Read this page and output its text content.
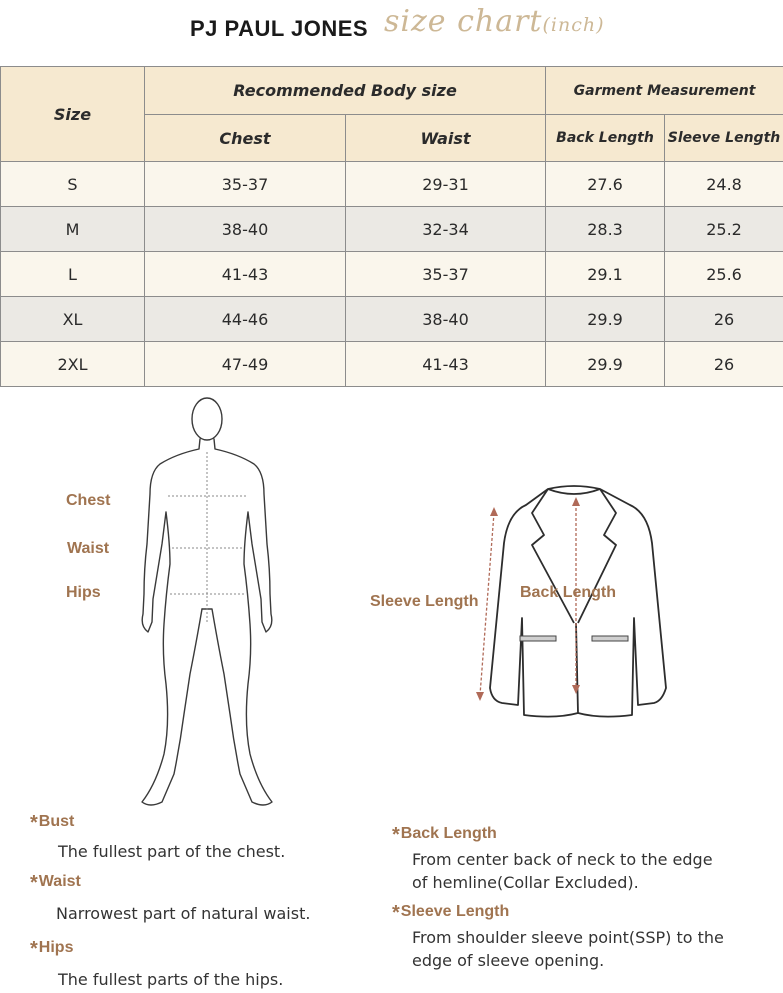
PJ PAUL JONES size chart(inch)
Size	Recommended Body size		Garment Measurement	
	Chest	Waist	Back Length	Sleeve Length
S	35-37	29-31	27.6	24.8
M	38-40	32-34	28.3	25.2
L	41-43	35-37	29.1	25.6
XL	44-46	38-40	29.9	26
2XL	47-49	41-43	29.9	26
Chest
Waist
Hips
Sleeve Length
Back Length
*Bust
The fullest part of the chest.
*Waist
Narrowest part of natural waist.
*Hips
The fullest parts of the hips.
*Back Length
From center back of neck to the edge
of hemline(Collar Excluded).
*Sleeve Length
From shoulder sleeve point(SSP) to the
edge of sleeve opening.
